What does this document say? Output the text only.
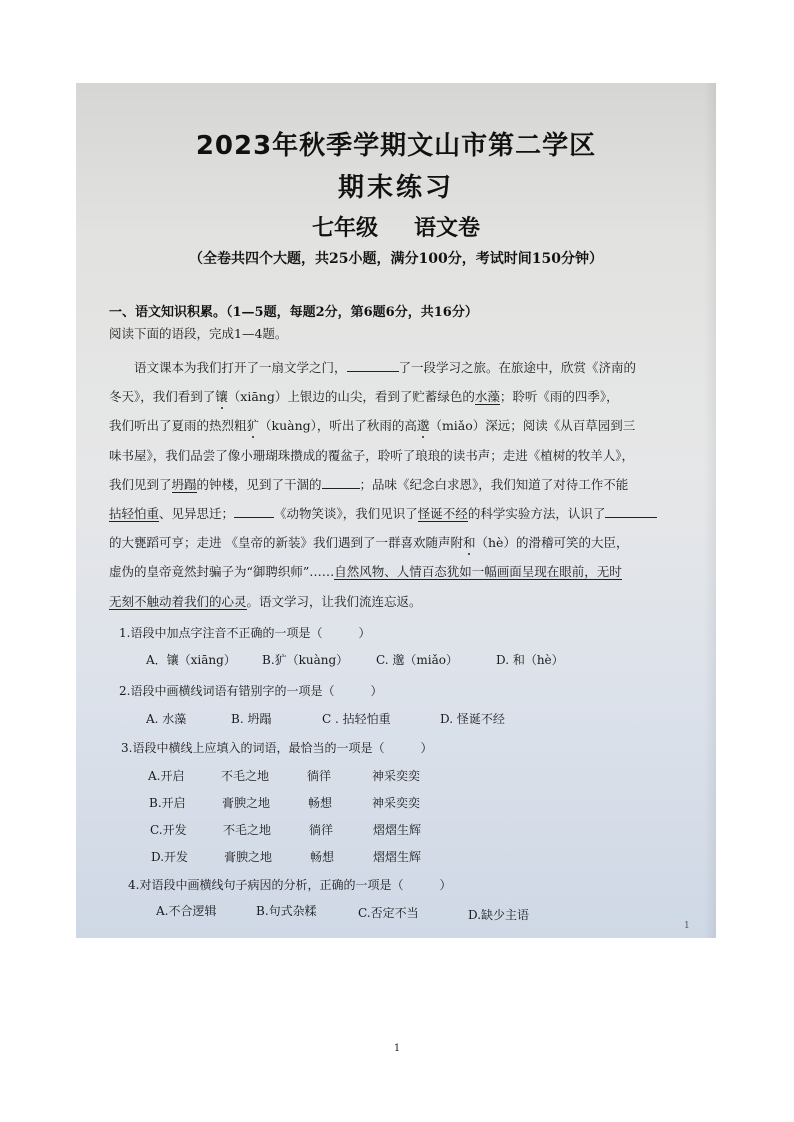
2023年秋季学期文山市第二学区
期末练习
七年级 语文卷
（全卷共四个大题，共25小题，满分100分，考试时间150分钟）
一、语文知识积累。（1—5题，每题2分，第6题6分，共16分）
阅读下面的语段，完成1—4题。
语文课本为我们打开了一扇文学之门，	了一段学习之旅。在旅途中，欣赏《济南的
冬天》，我们看到了镶（xiāng）上银边的山尖，看到了贮蓄绿色的水藻；聆听《雨的四季》，
我们听出了夏雨的热烈粗犷（kuàng），听出了秋雨的高邈（miǎo）深远；阅读《从百草园到三
味书屋》，我们品尝了像小珊瑚珠攒成的覆盆子，聆听了琅琅的读书声；走进《植树的牧羊人》，
我们见到了坍蹋的钟楼，见到了干涸的	；品味《纪念白求恩》，我们知道了对待工作不能
拈轻怕重、见异思迁；	《动物笑谈》，我们见识了怪诞不经的科学实验方法，认识了
的大甕蹈可亨；走进 《皇帝的新装》我们遇到了一群喜欢随声附和（hè）的滑稽可笑的大臣，
虚伪的皇帝竟然封骗子为“御聘织师”……自然风物、人情百态犹如一幅画面呈现在眼前，无时
无刻不触动着我们的心灵。语文学习，让我们流连忘返。
1.语段中加点字注音不正确的一项是（　　　）
A．镶（xiāng） B.犷（kuàng） C. 邈（miǎo）	D. 和（hè）
2.语段中画横线词语有错别字的一项是（　　　）
A. 水藻	B. 坍蹋	C . 拈轻怕重	D. 怪诞不经
3.语段中横线上应填入的词语，最恰当的一项是（　　　）
A.开启	不毛之地	徜徉	神采奕奕
B.开启	膏腴之地	畅想	神采奕奕
C.开发	不毛之地	徜徉	熠熠生辉
D.开发	膏腴之地	畅想	熠熠生辉
4.对语段中画横线句子病因的分析，正确的一项是（　　　）
A.不合逻辑	B.句式杂糅	C.否定不当	D.缺少主语
1
1
